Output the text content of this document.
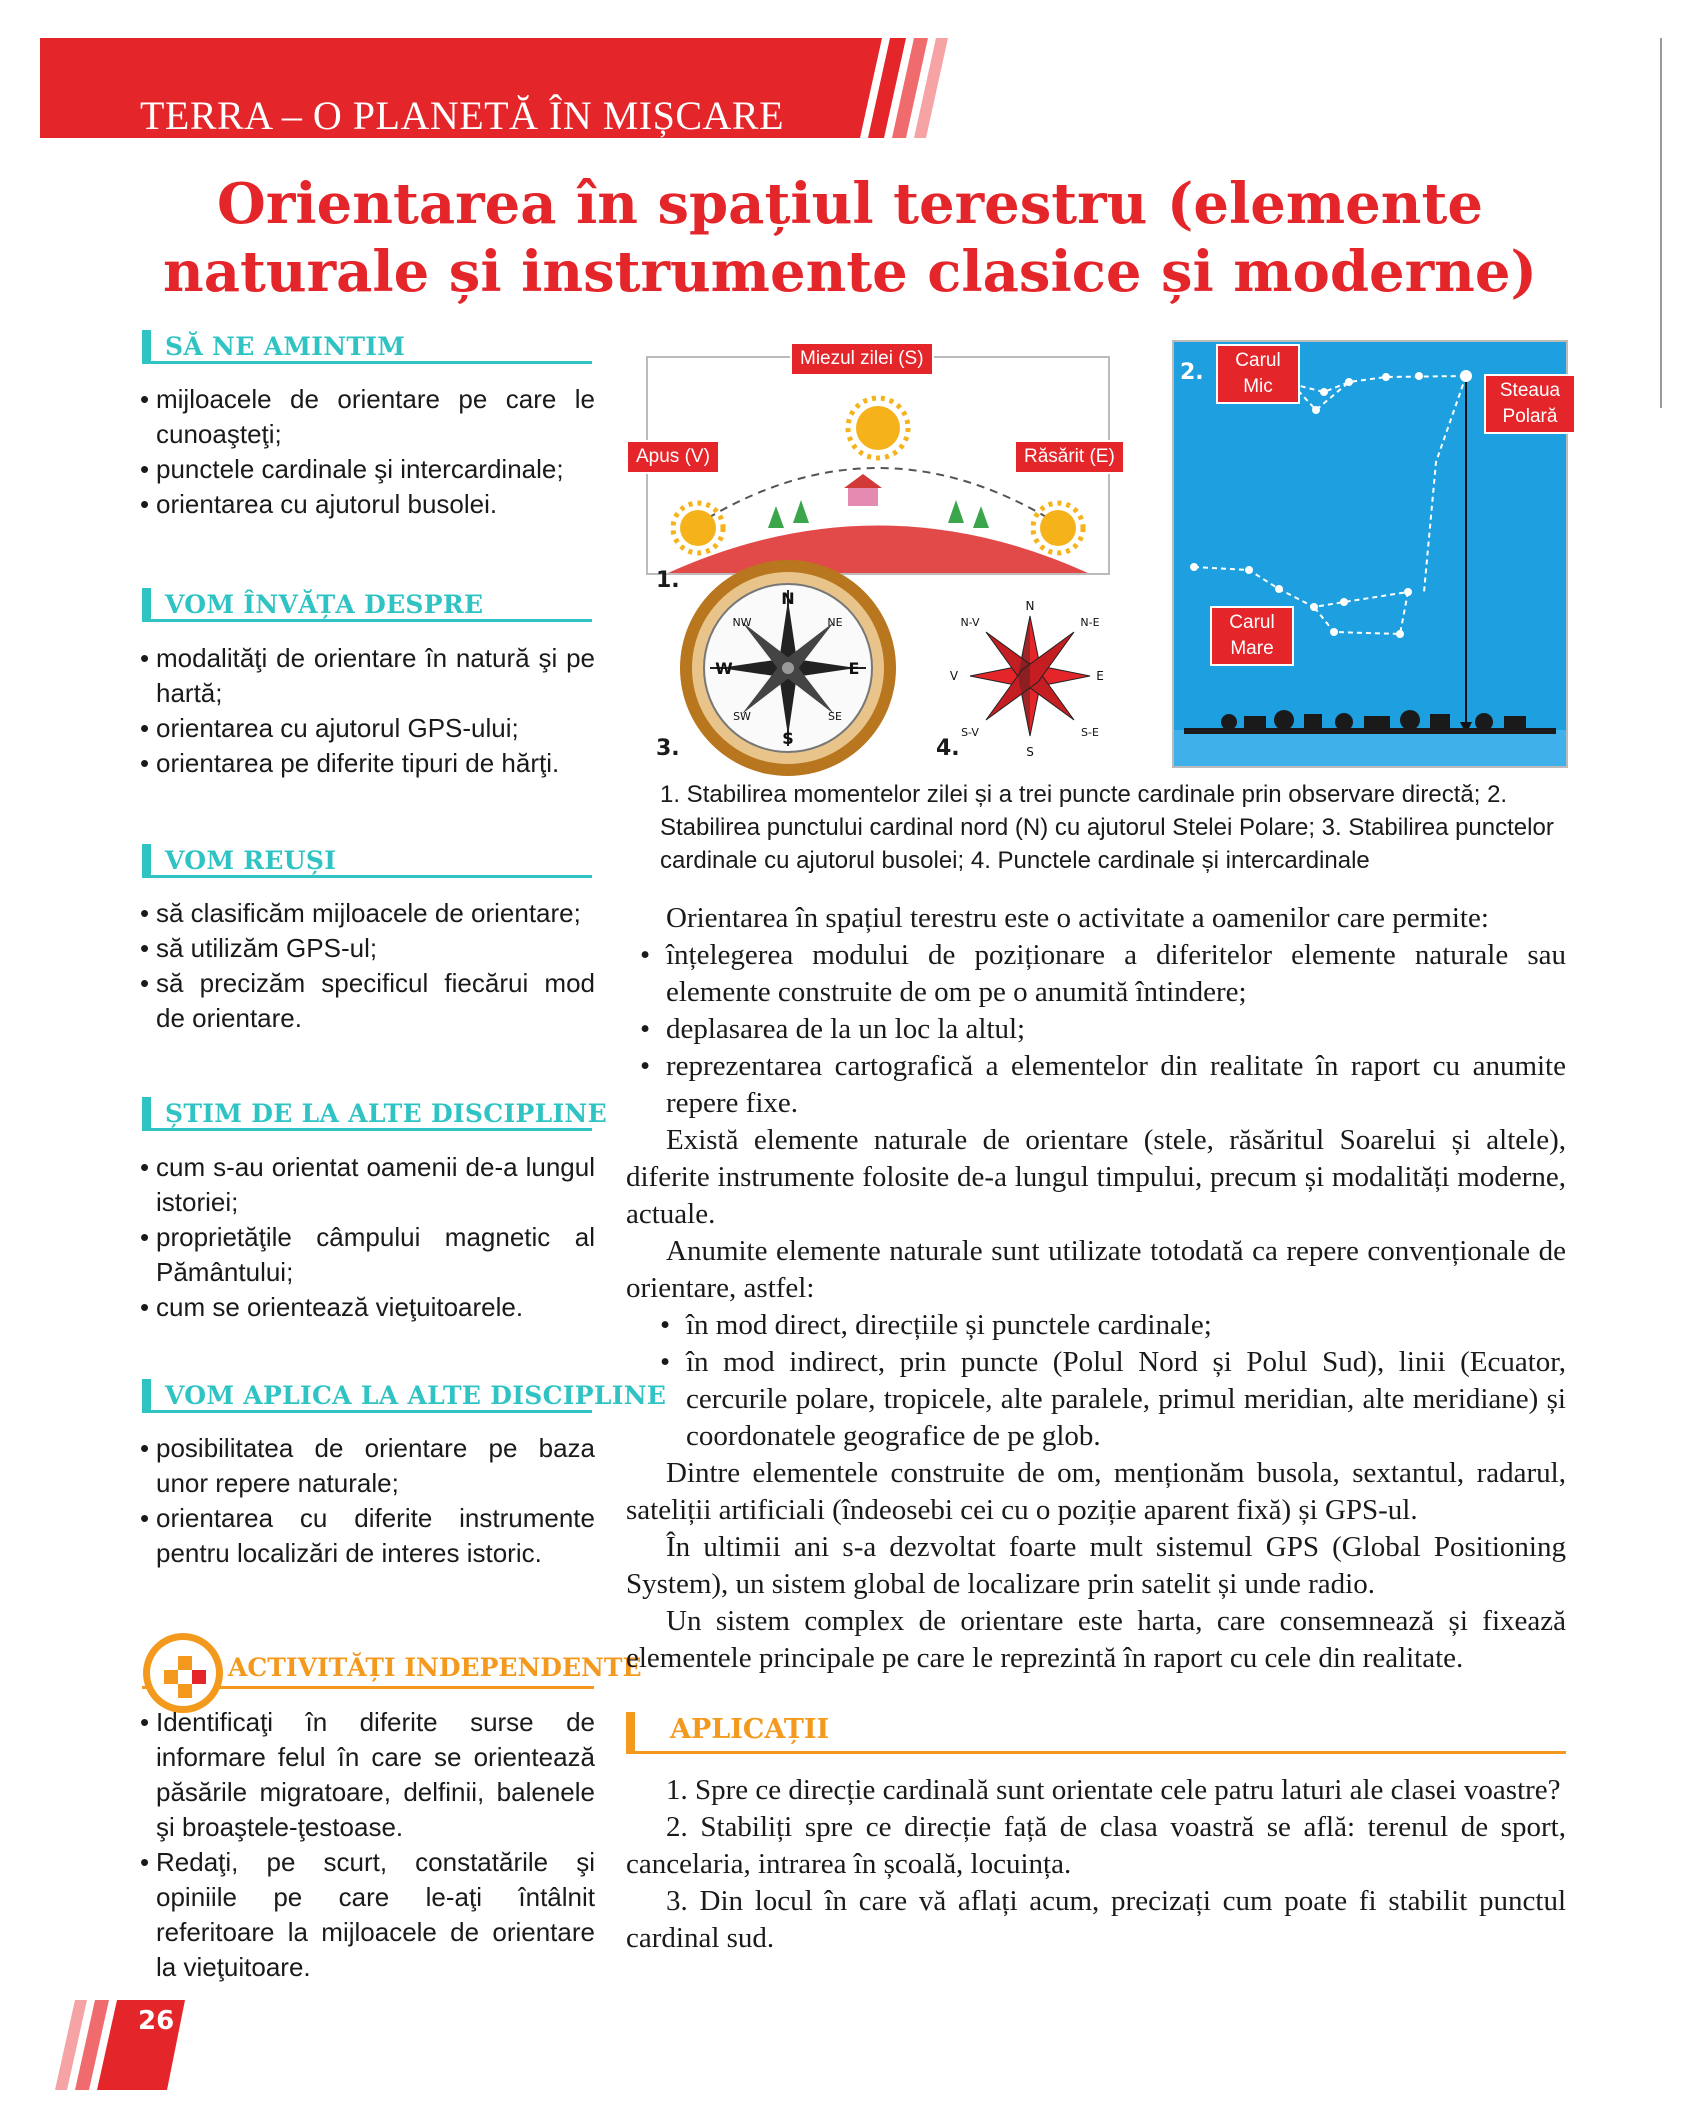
TERRA – O PLANETĂ ÎN MIȘCARE
Orientarea în spațiul terestru (elemente naturale și instrumente clasice și moderne)
SĂ NE AMINTIM
• mijloacele de orientare pe care le cunoaşteţi;
• punctele cardinale şi intercardinale;
• orientarea cu ajutorul busolei.
VOM ÎNVĂȚA DESPRE
• modalităţi de orientare în natură şi pe hartă;
• orientarea cu ajutorul GPS-ului;
• orientarea pe diferite tipuri de hărţi.
VOM REUȘI
• să clasificăm mijloacele de orientare;
• să utilizăm GPS-ul;
• să precizăm specificul fiecărui mod de orientare.
ȘTIM DE LA ALTE DISCIPLINE
• cum s-au orientat oamenii de-a lungul istoriei;
• proprietăţile câmpului magnetic al Pământului;
• cum se orientează vieţuitoarele.
VOM APLICA LA ALTE DISCIPLINE
• posibilitatea de orientare pe baza unor repere naturale;
• orientarea cu diferite instrumente pentru localizări de interes istoric.
ACTIVITĂȚI INDEPENDENTE
• Identificaţi în diferite surse de informare felul în care se orientează păsările migratoare, delfinii, balenele şi broaştele-ţestoase.
• Redaţi, pe scurt, constatările şi opiniile pe care le-aţi întâlnit referitoare la mijloacele de orientare la vieţuitoare.
26
Miezul zilei (S)
Apus (V)	Răsărit (E)
1.
2.	Carul
Mic	Steaua
Polară
Carul
Mare
N
E
S
W
NE
SE
SW
NW
3.
N
E
S
V
N-V	N-E
S-V	S-E
4.
1. Stabilirea momentelor zilei și a trei puncte cardinale prin observare directă; 2. Stabilirea punctului cardinal nord (N) cu ajutorul Stelei Polare; 3. Stabilirea punctelor cardinale cu ajutorul busolei; 4. Punctele cardinale și intercardinale

Orientarea în spațiul terestru este o activitate a oamenilor care permite:

• înțelegerea modului de poziționare a diferitelor elemente naturale sau elemente construite de om pe o anumită întindere;
• deplasarea de la un loc la altul;
• reprezentarea cartografică a elementelor din realitate în raport cu anumite repere fixe.

Există elemente naturale de orientare (stele, răsăritul Soarelui și altele), diferite instrumente folosite de-a lungul timpului, precum și modalități moderne, actuale.

Anumite elemente naturale sunt utilizate totodată ca repere convenționale de orientare, astfel:

• în mod direct, direcțiile și punctele cardinale;
• în mod indirect, prin puncte (Polul Nord și Polul Sud), linii (Ecuator, cercurile polare, tropicele, alte paralele, primul meridian, alte meridiane) și coordonatele geografice de pe glob.

Dintre elementele construite de om, menționăm busola, sextantul, radarul, sateliții artificiali (îndeosebi cei cu o poziție aparent fixă) și GPS-ul.

În ultimii ani s-a dezvoltat foarte mult sistemul GPS (Global Positioning System), un sistem global de localizare prin satelit și unde radio.

Un sistem complex de orientare este harta, care consemnează și fixează elementele principale pe care le reprezintă în raport cu cele din realitate.

APLICAȚII

1. Spre ce direcție cardinală sunt orientate cele patru laturi ale clasei voastre?

2. Stabiliți spre ce direcție față de clasa voastră se află: terenul de sport, cancelaria, intrarea în școală, locuința.

3. Din locul în care vă aflați acum, precizați cum poate fi stabilit punctul cardinal sud.
